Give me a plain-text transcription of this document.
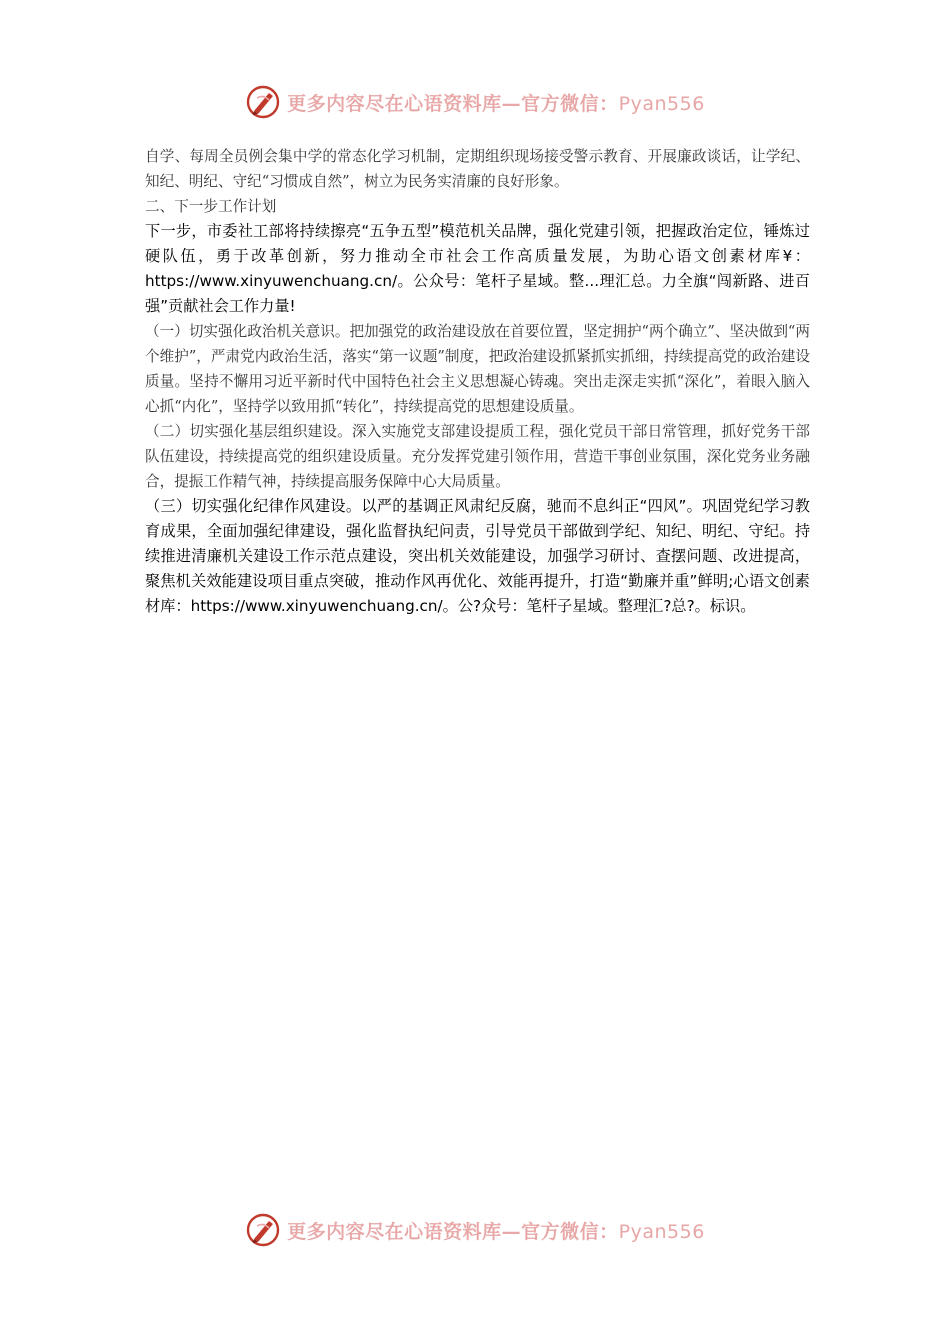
更多内容尽在心语资料库—官方微信：Pyan556

自学、每周全员例会集中学的常态化学习机制，定期组织现场接受警示教育、开展廉政谈话，让学纪、知纪、明纪、守纪“习惯成自然”，树立为民务实清廉的良好形象。

二、下一步工作计划

下一步，市委社工部将持续擦亮“五争五型”模范机关品牌，强化党建引领，把握政治定位，锤炼过硬队伍，勇于改革创新，努力推动全市社会工作高质量发展，为助心语文创素材库¥：https://www.xinyuwenchuang.cn/。公众号：笔杆子星域。整...理汇总。力全旗“闯新路、进百强”贡献社会工作力量!

（一）切实强化政治机关意识。把加强党的政治建设放在首要位置，坚定拥护“两个确立”、坚决做到“两个维护”，严肃党内政治生活，落实“第一议题”制度，把政治建设抓紧抓实抓细，持续提高党的政治建设质量。坚持不懈用习近平新时代中国特色社会主义思想凝心铸魂。突出走深走实抓“深化”，着眼入脑入心抓“内化”，坚持学以致用抓“转化”，持续提高党的思想建设质量。

（二）切实强化基层组织建设。深入实施党支部建设提质工程，强化党员干部日常管理，抓好党务干部队伍建设，持续提高党的组织建设质量。充分发挥党建引领作用，营造干事创业氛围，深化党务业务融合，提振工作精气神，持续提高服务保障中心大局质量。

（三）切实强化纪律作风建设。以严的基调正风肃纪反腐，驰而不息纠正“四风”。巩固党纪学习教育成果，全面加强纪律建设，强化监督执纪问责，引导党员干部做到学纪、知纪、明纪、守纪。持续推进清廉机关建设工作示范点建设，突出机关效能建设，加强学习研讨、查摆问题、改进提高，聚焦机关效能建设项目重点突破，推动作风再优化、效能再提升，打造“勤廉并重”鲜明;心语文创素材库：https://www.xinyuwenchuang.cn/。公?众号：笔杆子星域。整理汇?总?。标识。

更多内容尽在心语资料库—官方微信：Pyan556
